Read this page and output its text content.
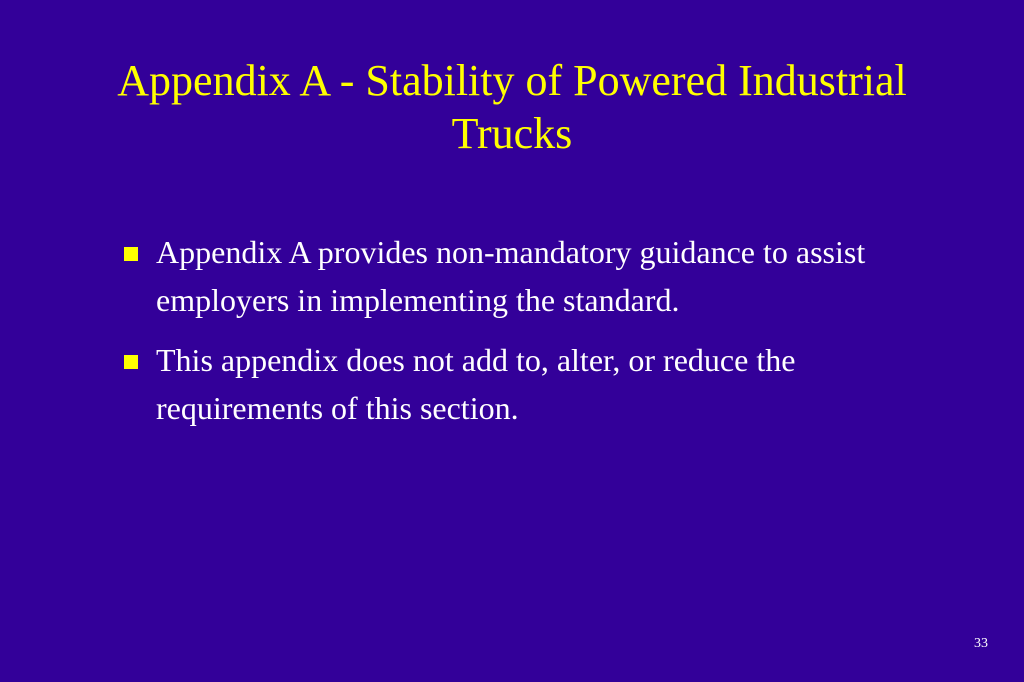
Appendix A - Stability of Powered Industrial Trucks
Appendix A provides non-mandatory guidance to assist employers in implementing the standard.
This appendix does not add to, alter, or reduce the requirements of this section.
33
